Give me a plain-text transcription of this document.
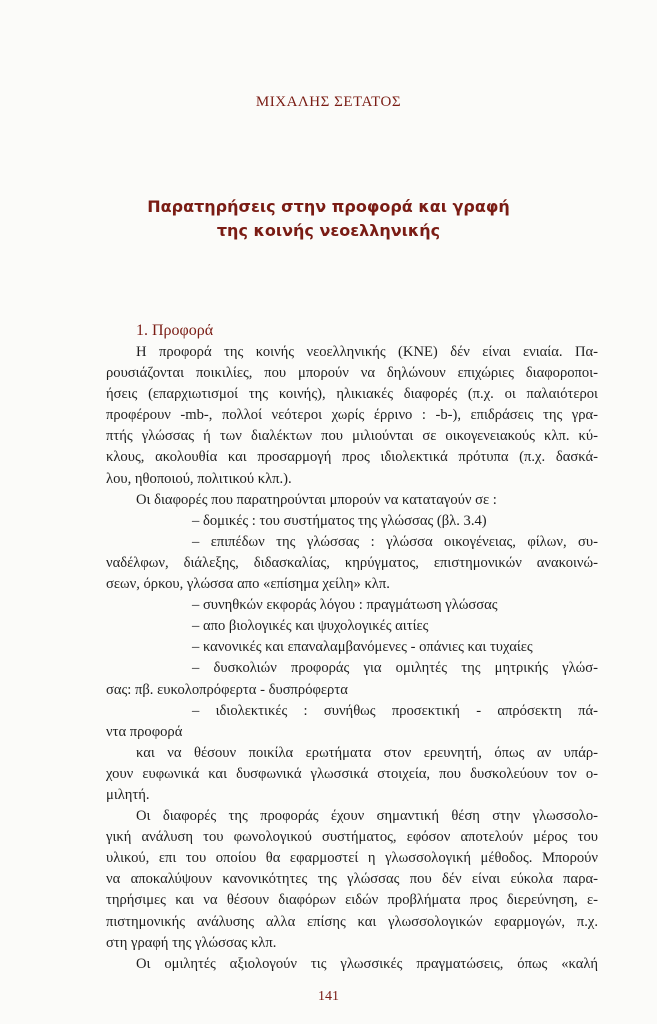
ΜΙΧΑΛΗΣ ΣΕΤΑΤΟΣ
Παρατηρήσεις στην προφορά και γραφή
της κοινής νεοελληνικής
1. Προφορά
Η προφορά της κοινής νεοελληνικής (ΚΝΕ) δέν είναι ενιαία. Πα-
ρουσιάζονται ποικιλίες, που μπορούν να δηλώνουν επιχώριες διαφοροποι-
ήσεις (επαρχιωτισμοί της κοινής), ηλικιακές διαφορές (π.χ. οι παλαιότεροι
προφέρουν -mb-, πολλοί νεότεροι χωρίς έρρινο : -b-), επιδράσεις της γρα-
πτής γλώσσας ή των διαλέκτων που μιλιούνται σε οικογενειακούς κλπ. κύ-
κλους, ακολουθία και προσαρμογή προς ιδιολεκτικά πρότυπα (π.χ. δασκά-
λου, ηθοποιού, πολιτικού κλπ.).
Οι διαφορές που παρατηρούνται μπορούν να καταταγούν σε :
– δομικές : του συστήματος της γλώσσας (βλ. 3.4)
– επιπέδων της γλώσσας : γλώσσα οικογένειας, φίλων, συ-
ναδέλφων, διάλεξης, διδασκαλίας, κηρύγματος, επιστημονικών ανακοινώ-
σεων, όρκου, γλώσσα απο «επίσημα χείλη» κλπ.
– συνηθκών εκφοράς λόγου : πραγμάτωση γλώσσας
– απο βιολογικές και ψυχολογικές αιτίες
– κανονικές και επαναλαμβανόμενες - οπάνιες και τυχαίες
– δυσκολιών προφοράς για ομιλητές της μητρικής γλώσ-
σας: πβ. ευκολοπρόφερτα - δυσπρόφερτα
– ιδιολεκτικές : συνήθως προσεκτική - απρόσεκτη πά-
ντα προφορά
και να θέσουν ποικίλα ερωτήματα στον ερευνητή, όπως αν υπάρ-
χουν ευφωνικά και δυσφωνικά γλωσσικά στοιχεία, που δυσκολεύουν τον ο-
μιλητή.
Οι διαφορές της προφοράς έχουν σημαντική θέση στην γλωσσολο-
γική ανάλυση του φωνολογικού συστήματος, εφόσον αποτελούν μέρος του
υλικού, επι του οποίου θα εφαρμοστεί η γλωσσολογική μέθοδος. Μπορούν
να αποκαλύψουν κανονικότητες της γλώσσας που δέν είναι εύκολα παρα-
τηρήσιμες και να θέσουν διαφόρων ειδών προβλήματα προς διερεύνηση, ε-
πιστημονικής ανάλυσης αλλα επίσης και γλωσσολογικών εφαρμογών, π.χ.
στη γραφή της γλώσσας κλπ.
Οι ομιλητές αξιολογούν τις γλωσσικές πραγματώσεις, όπως «καλή
141
